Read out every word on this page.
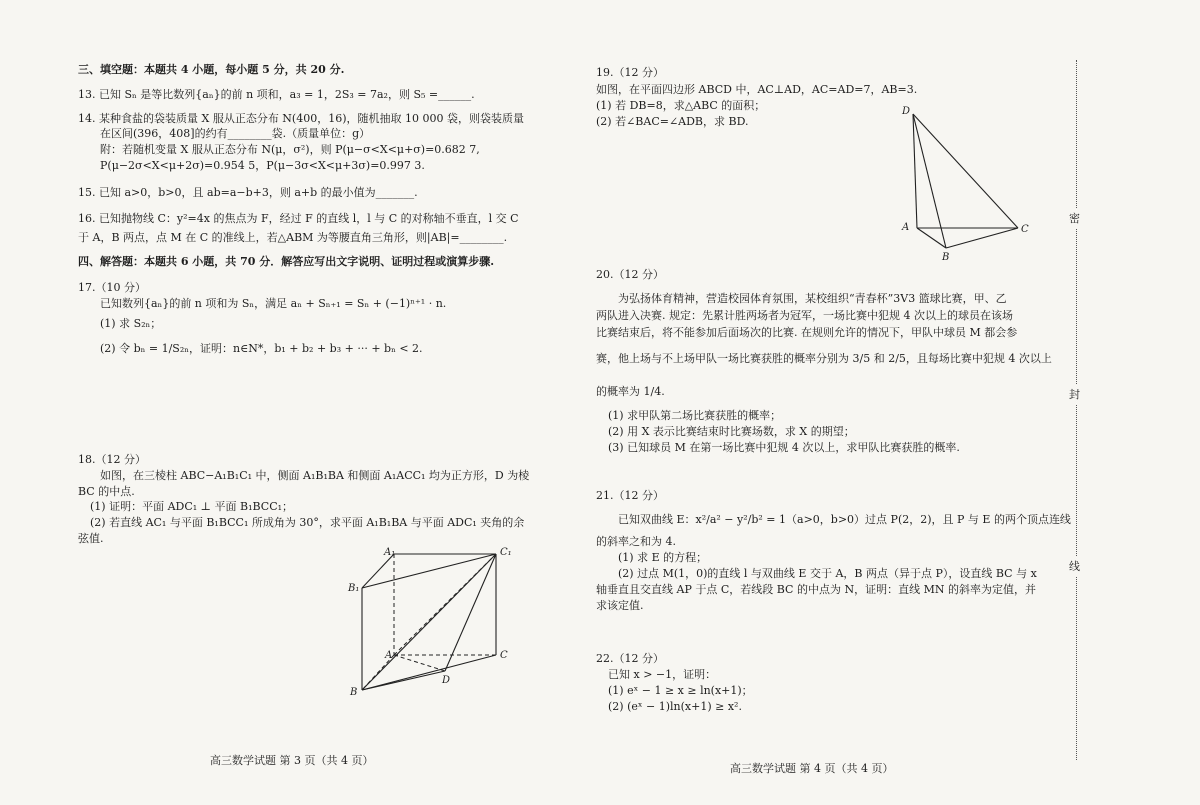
三、填空题：本题共 4 小题，每小题 5 分，共 20 分.
13. 已知 Sₙ 是等比数列{aₙ}的前 n 项和，a₃ = 1，2S₃ = 7a₂，则 S₅ =______.
14. 某种食盐的袋装质量 X 服从正态分布 N(400，16)，随机抽取 10 000 袋，则袋装质量
在区间(396，408]的约有________袋.（质量单位：g）
附：若随机变量 X 服从正态分布 N(μ，σ²)，则 P(μ−σ<X<μ+σ)=0.682 7,
P(μ−2σ<X<μ+2σ)=0.954 5，P(μ−3σ<X<μ+3σ)=0.997 3.
15. 已知 a>0，b>0，且 ab=a−b+3，则 a+b 的最小值为_______.
16. 已知抛物线 C：y²=4x 的焦点为 F，经过 F 的直线 l，l 与 C 的对称轴不垂直，l 交 C
于 A，B 两点，点 M 在 C 的准线上，若△ABM 为等腰直角三角形，则|AB|=________.
四、解答题：本题共 6 小题，共 70 分．解答应写出文字说明、证明过程或演算步骤.
17.（10 分）
已知数列{aₙ}的前 n 项和为 Sₙ，满足 aₙ + Sₙ₊₁ = Sₙ + (−1)ⁿ⁺¹ · n.
(1) 求 S₂ₙ；
(2) 令 bₙ = 1/S₂ₙ，证明：n∈N*，b₁ + b₂ + b₃ + ··· + bₙ < 2.
18.（12 分）
如图，在三棱柱 ABC−A₁B₁C₁ 中，侧面 A₁B₁BA 和侧面 A₁ACC₁ 均为正方形，D 为棱
BC 的中点.
(1) 证明：平面 ADC₁ ⊥ 平面 B₁BCC₁；
(2) 若直线 AC₁ 与平面 B₁BCC₁ 所成角为 30°，求平面 A₁B₁BA 与平面 ADC₁ 夹角的余
弦值.
A₁	C₁
B₁
A	C
D
B
高三数学试题 第 3 页（共 4 页）
19.（12 分）
如图，在平面四边形 ABCD 中，AC⊥AD，AC=AD=7，AB=3.
(1) 若 DB=8，求△ABC 的面积；
(2) 若∠BAC=∠ADB，求 BD.
20.（12 分）
为弘扬体育精神，营造校园体育氛围，某校组织“青春杯”3V3 篮球比赛，甲、乙
两队进入决赛. 规定：先累计胜两场者为冠军，一场比赛中犯规 4 次以上的球员在该场
比赛结束后，将不能参加后面场次的比赛. 在规则允许的情况下，甲队中球员 M 都会参
赛，他上场与不上场甲队一场比赛获胜的概率分别为 3/5 和 2/5，且每场比赛中犯规 4 次以上
的概率为 1/4.
(1) 求甲队第二场比赛获胜的概率；
(2) 用 X 表示比赛结束时比赛场数，求 X 的期望；
(3) 已知球员 M 在第一场比赛中犯规 4 次以上，求甲队比赛获胜的概率.
21.（12 分）
已知双曲线 E：x²/a² − y²/b² = 1（a>0，b>0）过点 P(2，2)，且 P 与 E 的两个顶点连线
的斜率之和为 4.
(1) 求 E 的方程；
(2) 过点 M(1，0)的直线 l 与双曲线 E 交于 A，B 两点（异于点 P），设直线 BC 与 x
轴垂直且交直线 AP 于点 C，若线段 BC 的中点为 N，证明：直线 MN 的斜率为定值，并
求该定值.
22.（12 分）
已知 x > −1，证明：
(1) eˣ − 1 ≥ x ≥ ln(x+1)；
(2) (eˣ − 1)ln(x+1) ≥ x².
D
A	C
B
高三数学试题 第 4 页（共 4 页）
密
封
线
